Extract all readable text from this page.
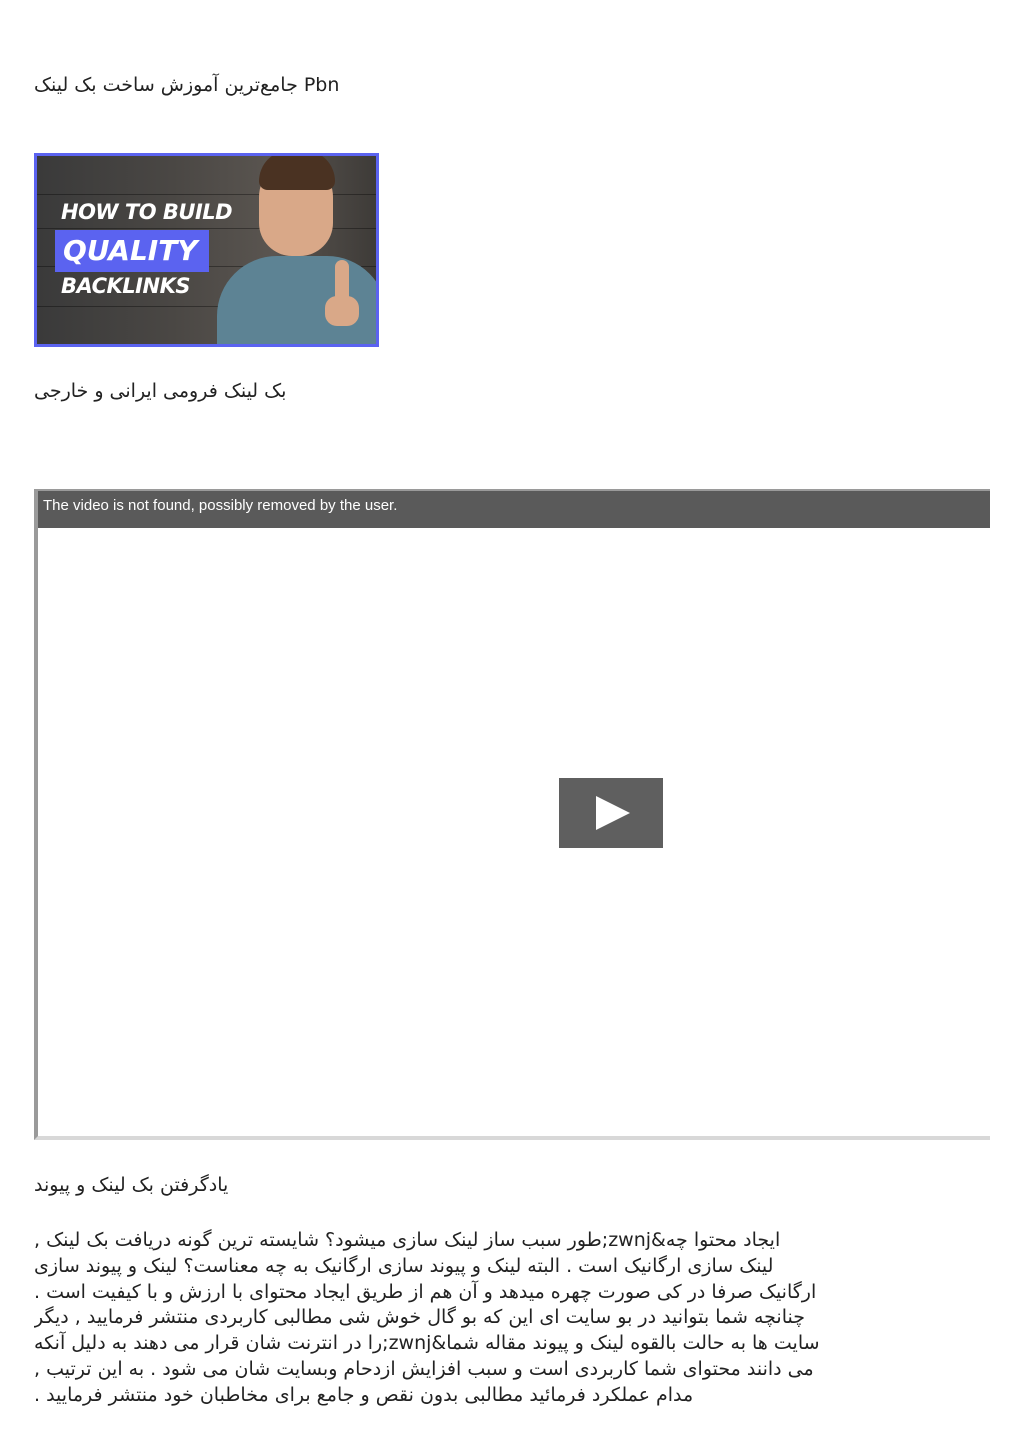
جامع‌ترین آموزش ساخت بک لینک Pbn
HOW TO BUILD
QUALITY
BACKLINKS
بک لینک فرومی ایرانی و خارجی
The video is not found, possibly removed by the user.
یادگرفتن بک لینک و پیوند
ایجاد محتوا چه&zwnj;طور سبب ساز لینک سازی میشود؟ شایسته ترین گونه دریافت بک لینک ,
لینک سازی ارگانیک است . البته لینک و پیوند سازی ارگانیک به چه معناست؟ لینک و پیوند سازی
ارگانیک صرفا در کی صورت چهره میدهد و آن هم از طریق ایجاد محتوای با ارزش و با کیفیت است .
چنانچه شما بتوانید در بو سایت ای این که بو گال خوش شی مطالبی کاربردی منتشر فرمایید , دیگر
سایت ها به حالت بالقوه لینک و پیوند مقاله شما&zwnj;را در انترنت شان قرار می دهند به دلیل آنکه
می دانند محتوای شما کاربردی است و سبب افزایش ازدحام وبسایت شان می شود . به این ترتیب ,
مدام عملکرد فرمائید مطالبی بدون نقص و جامع برای مخاطبان خود منتشر فرمایید .
